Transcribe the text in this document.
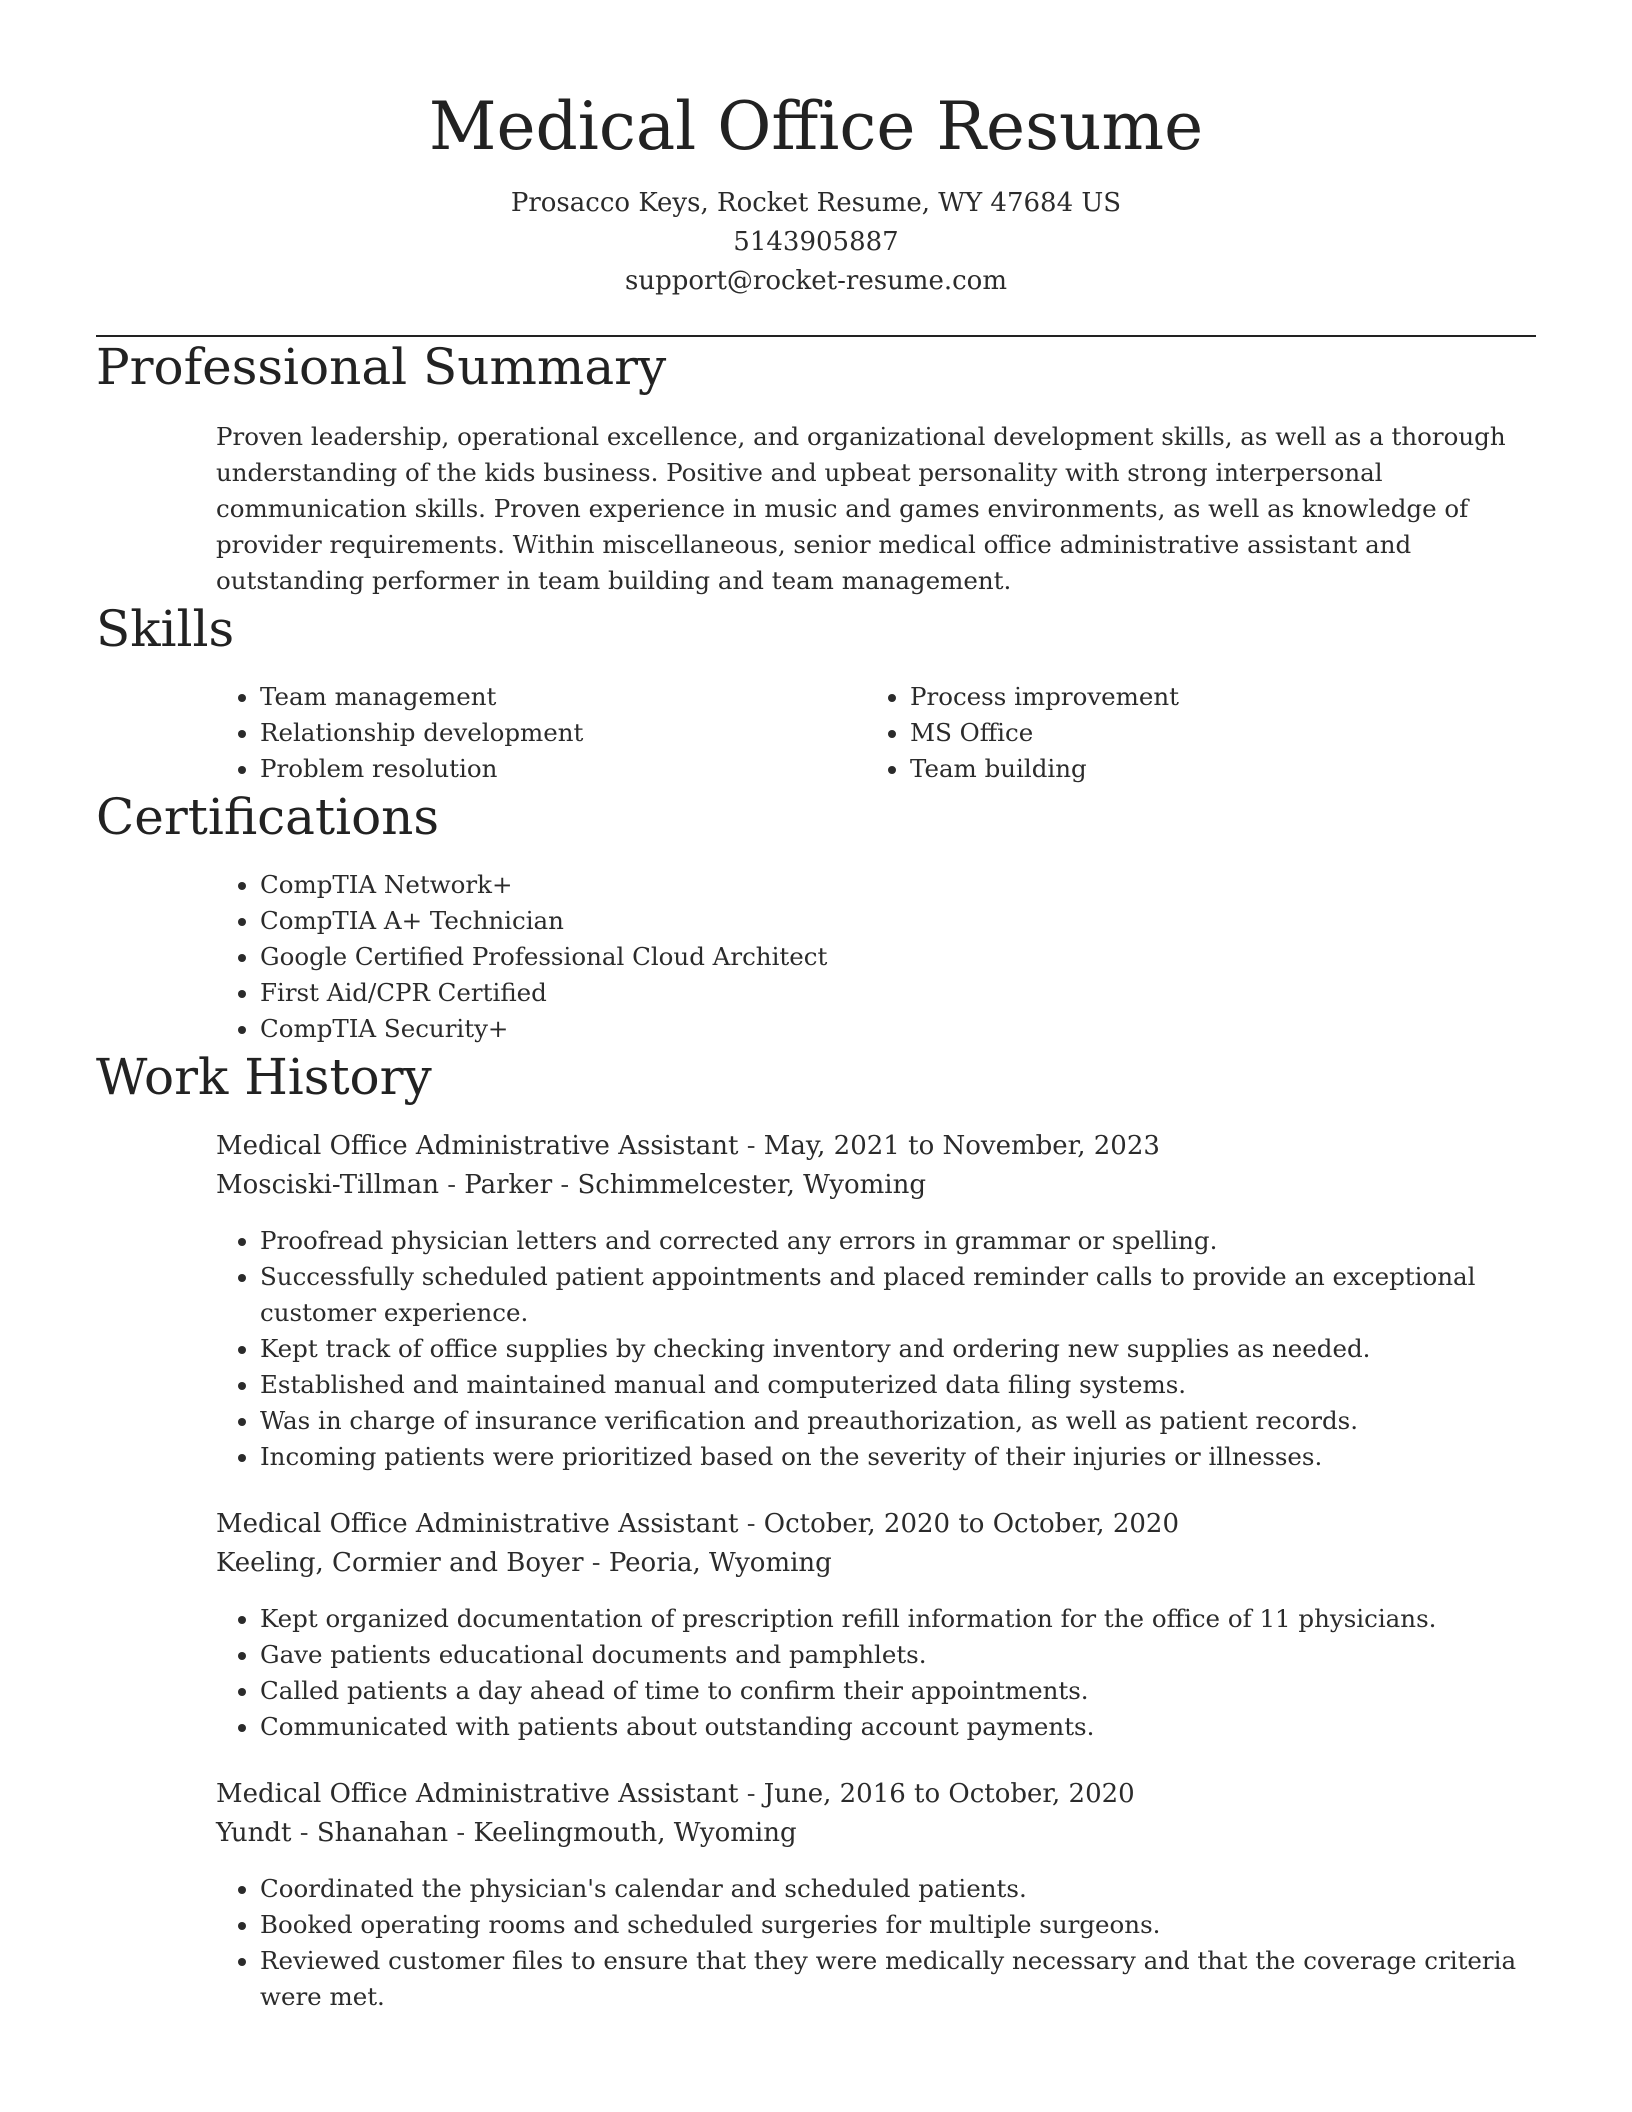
Medical Office Resume
Prosacco Keys, Rocket Resume, WY 47684 US
5143905887
support@rocket-resume.com
Professional Summary

Proven leadership, operational excellence, and organizational development skills, as well as a thorough understanding of the kids business. Positive and upbeat personality with strong interpersonal communication skills. Proven experience in music and games environments, as well as knowledge of provider requirements. Within miscellaneous, senior medical office administrative assistant and outstanding performer in team building and team management.

Skills
• Team management
• Relationship development
• Problem resolution
• Process improvement
• MS Office
• Team building
Certifications
• CompTIA Network+
• CompTIA A+ Technician
• Google Certified Professional Cloud Architect
• First Aid/CPR Certified
• CompTIA Security+
Work History
Medical Office Administrative Assistant - May, 2021 to November, 2023
Mosciski-Tillman - Parker - Schimmelcester, Wyoming
• Proofread physician letters and corrected any errors in grammar or spelling.
• Successfully scheduled patient appointments and placed reminder calls to provide an exceptional customer experience.
• Kept track of office supplies by checking inventory and ordering new supplies as needed.
• Established and maintained manual and computerized data filing systems.
• Was in charge of insurance verification and preauthorization, as well as patient records.
• Incoming patients were prioritized based on the severity of their injuries or illnesses.
Medical Office Administrative Assistant - October, 2020 to October, 2020
Keeling, Cormier and Boyer - Peoria, Wyoming
• Kept organized documentation of prescription refill information for the office of 11 physicians.
• Gave patients educational documents and pamphlets.
• Called patients a day ahead of time to confirm their appointments.
• Communicated with patients about outstanding account payments.
Medical Office Administrative Assistant - June, 2016 to October, 2020
Yundt - Shanahan - Keelingmouth, Wyoming
• Coordinated the physician's calendar and scheduled patients.
• Booked operating rooms and scheduled surgeries for multiple surgeons.
• Reviewed customer files to ensure that they were medically necessary and that the coverage criteria were met.
